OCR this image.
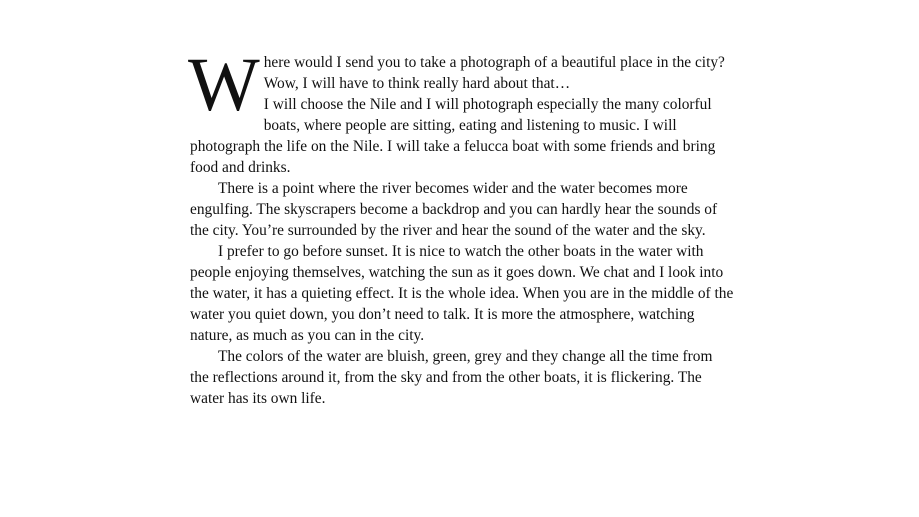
W here would I send you to take a photograph of a beautiful place in the city? Wow, I will have to think really hard about that…
I will choose the Nile and I will photograph especially the many colorful boats, where people are sitting, eating and listening to music. I will photograph the life on the Nile. I will take a felucca boat with some friends and bring food and drinks.

There is a point where the river becomes wider and the water becomes more engulfing. The skyscrapers become a backdrop and you can hardly hear the sounds of the city. You’re surrounded by the river and hear the sound of the water and the sky.

I prefer to go before sunset. It is nice to watch the other boats in the water with people enjoying themselves, watching the sun as it goes down. We chat and I look into the water, it has a quieting effect. It is the whole idea. When you are in the middle of the water you quiet down, you don’t need to talk. It is more the atmosphere, watching nature, as much as you can in the city.

The colors of the water are bluish, green, grey and they change all the time from the reflections around it, from the sky and from the other boats, it is flickering. The water has its own life.
